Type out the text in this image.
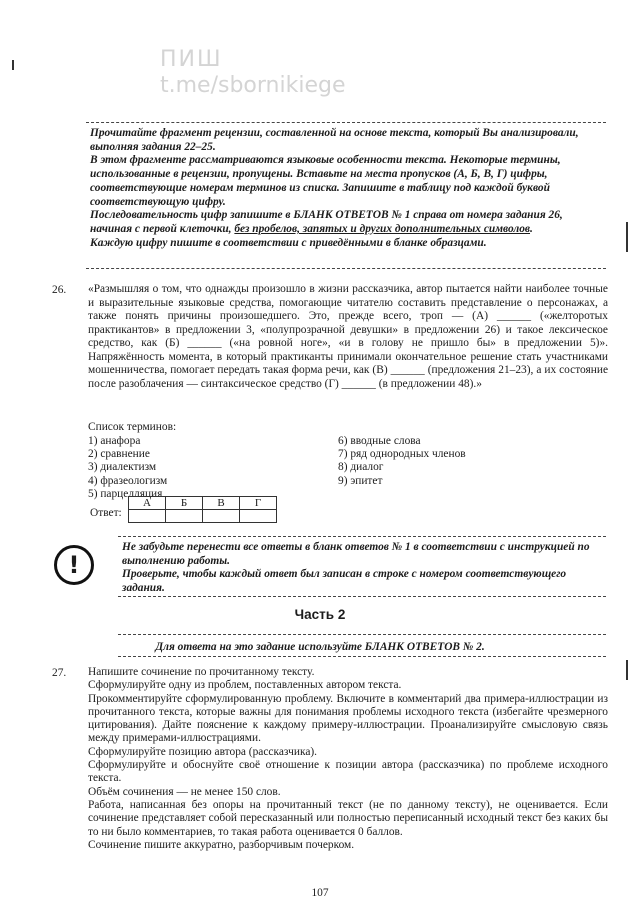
ПИШ
t.me/sbornikiege

Прочитайте фрагмент рецензии, составленной на основе текста, который Вы анализировали, выполняя задания 22–25.

В этом фрагменте рассматриваются языковые особенности текста. Некоторые термины, использованные в рецензии, пропущены. Вставьте на места пропусков (А, Б, В, Г) цифры, соответствующие номерам терминов из списка. Запишите в таблицу под каждой буквой соответствующую цифру.

Последовательность цифр запишите в БЛАНК ОТВЕТОВ № 1 справа от номера задания 26, начиная с первой клеточки, без пробелов, запятых и других дополнительных символов.

Каждую цифру пишите в соответствии с приведёнными в бланке образцами.

26. «Размышляя о том, что однажды произошло в жизни рассказчика, автор пытается найти наиболее точные и выразительные языковые средства, помогающие читателю составить представление о персонажах, а также понять причины произошедшего. Это, прежде всего, троп — (А) ______ («желторотых практикантов» в предложении 3, «полупрозрачной девушки» в предложении 26) и такое лексическое средство, как (Б) ______ («на ровной ноге», «и в голову не пришло бы» в предложении 5)». Напряжённость момента, в который практиканты принимали окончательное решение стать участниками мошенничества, помогает передать такая форма речи, как (В) ______ (предложения 21–23), а их состояние после разоблачения — синтаксическое средство (Г) ______ (в предложении 48).»

Список терминов:

1) анафора
2) сравнение
3) диалектизм
4) фразеологизм
5) парцелляция
6) вводные слова
7) ряд однородных членов
8) диалог
9) эпитет
Ответ:
А	Б	В	Г

!

Не забудьте перенести все ответы в бланк ответов № 1 в соответствии с инструкцией по выполнению работы.

Проверьте, чтобы каждый ответ был записан в строке с номером соответствующего задания.

Часть 2
Для ответа на это задание используйте БЛАНК ОТВЕТОВ № 2.
27. Напишите сочинение по прочитанному тексту.

Сформулируйте одну из проблем, поставленных автором текста.

Прокомментируйте сформулированную проблему. Включите в комментарий два примера-иллюстрации из прочитанного текста, которые важны для понимания проблемы исходного текста (избегайте чрезмерного цитирования). Дайте пояснение к каждому примеру-иллюстрации. Проанализируйте смысловую связь между примерами-иллюстрациями.

Сформулируйте позицию автора (рассказчика).

Сформулируйте и обоснуйте своё отношение к позиции автора (рассказчика) по проблеме исходного текста.

Объём сочинения — не менее 150 слов.

Работа, написанная без опоры на прочитанный текст (не по данному тексту), не оценивается. Если сочинение представляет собой пересказанный или полностью переписанный исходный текст без каких бы то ни было комментариев, то такая работа оценивается 0 баллов.

Сочинение пишите аккуратно, разборчивым почерком.

107
